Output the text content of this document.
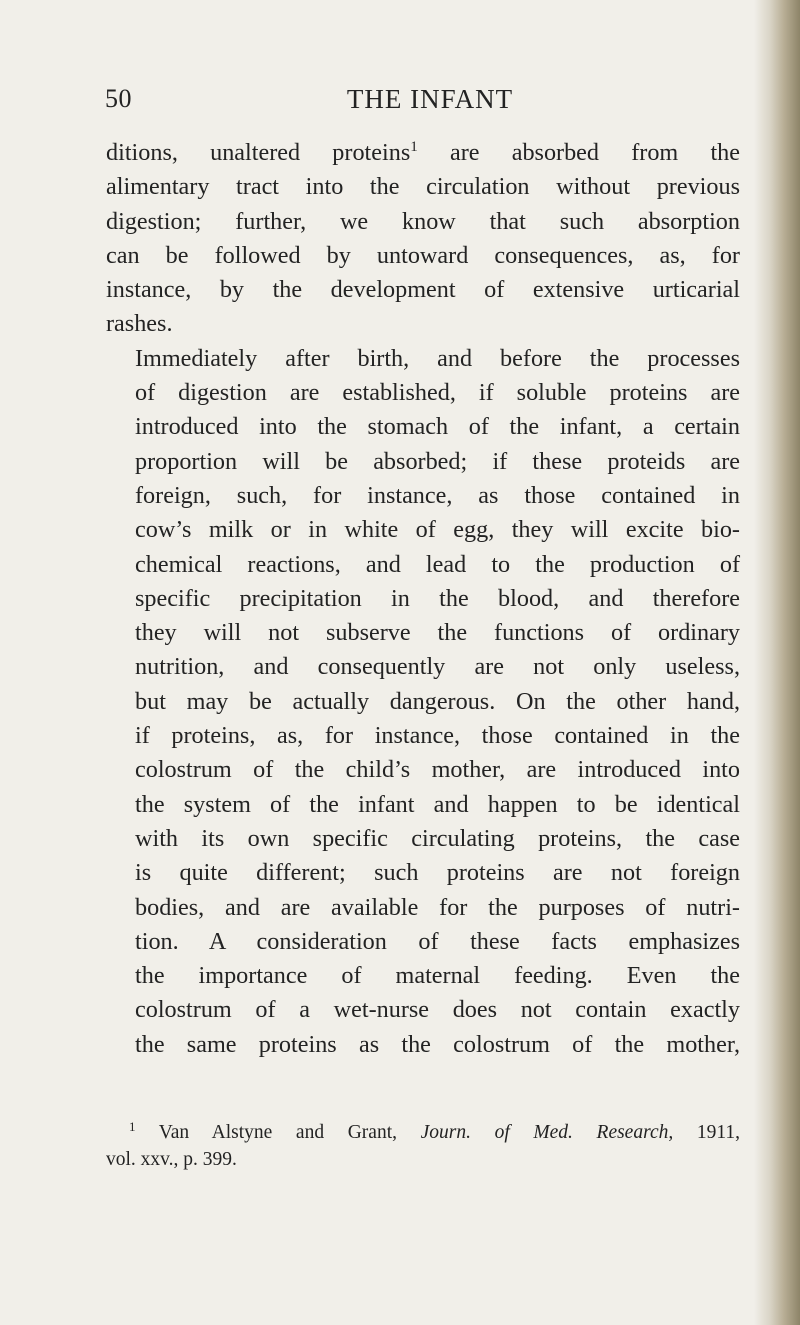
50	THE INFANT

ditions, unaltered proteins$^1$ are absorbed from the
alimentary tract into the circulation without previous
digestion; further, we know that such absorption
can be followed by untoward consequences, as, for
instance, by the development of extensive urticarial
rashes.

Immediately after birth, and before the processes
of digestion are established, if soluble proteins are
introduced into the stomach of the infant, a certain
proportion will be absorbed; if these proteids are
foreign, such, for instance, as those contained in
cow’s milk or in white of egg, they will excite bio-
chemical reactions, and lead to the production of
specific precipitation in the blood, and therefore
they will not subserve the functions of ordinary
nutrition, and consequently are not only useless,
but may be actually dangerous. On the other hand,
if proteins, as, for instance, those contained in the
colostrum of the child’s mother, are introduced into
the system of the infant and happen to be identical
with its own specific circulating proteins, the case
is quite different; such proteins are not foreign
bodies, and are available for the purposes of nutri-
tion. A consideration of these facts emphasizes
the importance of maternal feeding. Even the
colostrum of a wet-nurse does not contain exactly
the same proteins as the colostrum of the mother,

$^1$ Van Alstyne and Grant, Journ. of Med. Research, 1911,
vol. xxv., p. 399.
